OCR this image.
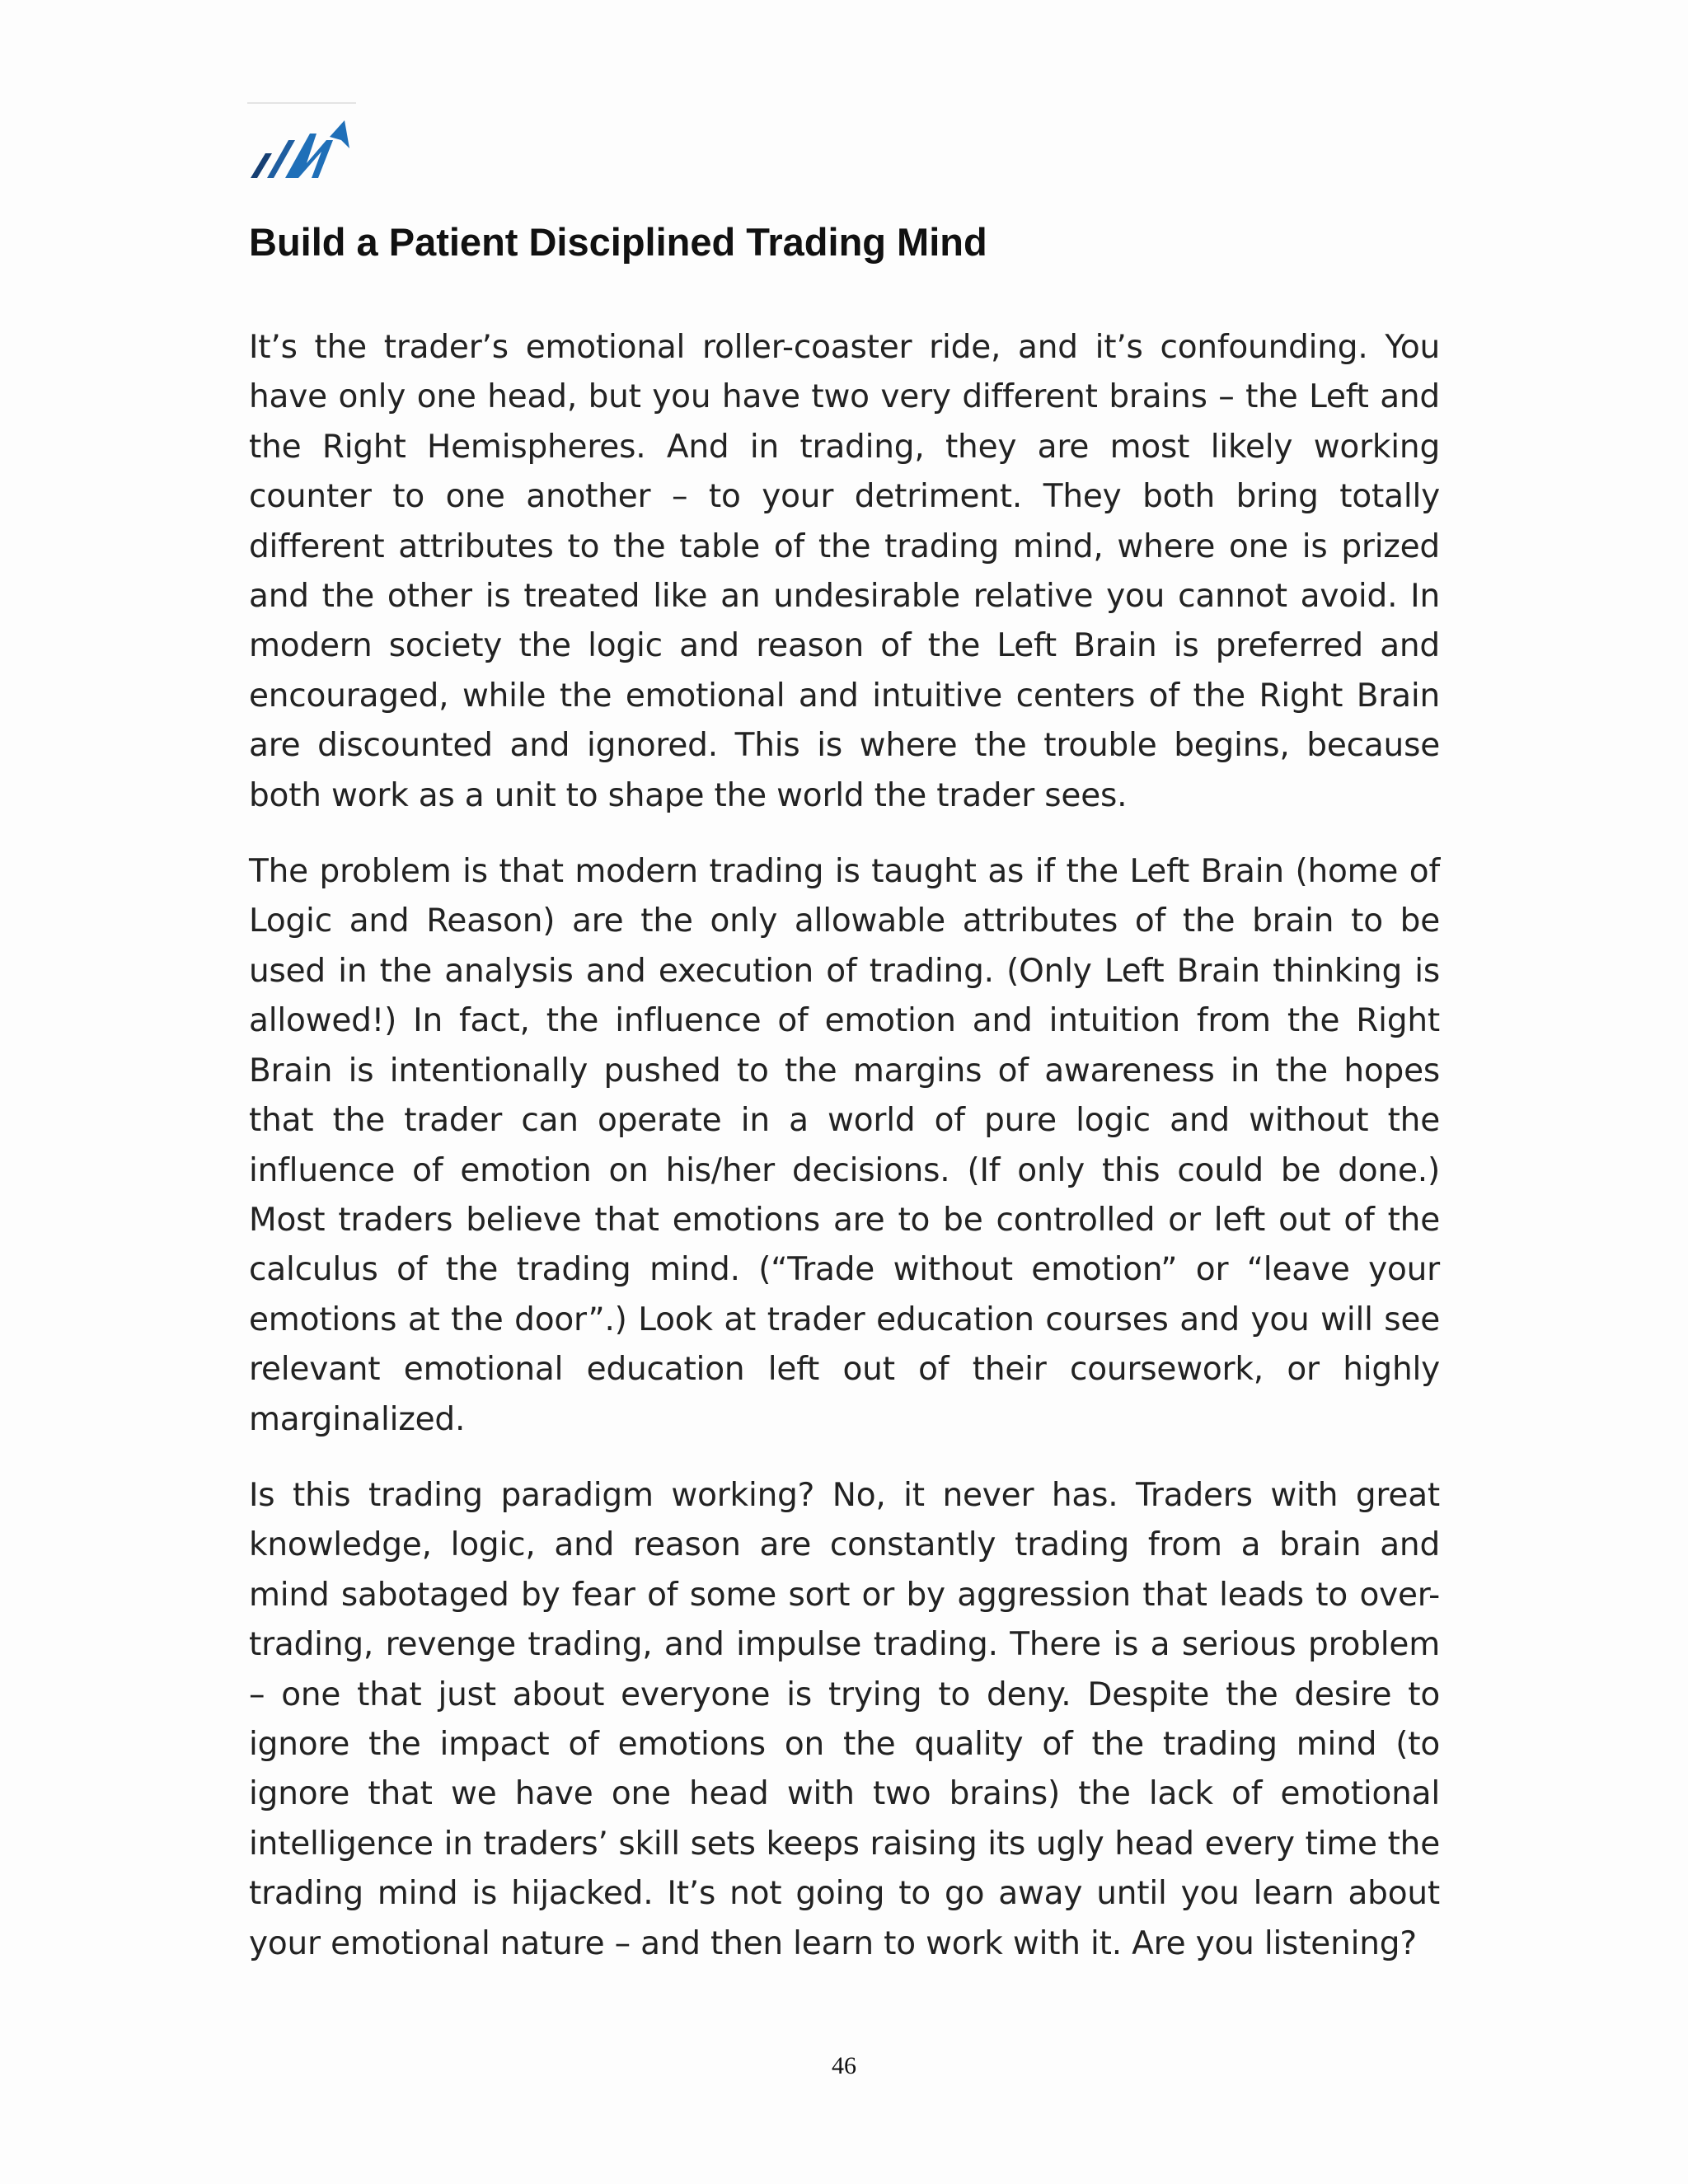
Build a Patient Disciplined Trading Mind

It’s the trader’s emotional roller-coaster ride, and it’s confounding. You have only one head, but you have two very different brains – the Left and the Right Hemispheres. And in trading, they are most likely working counter to one another – to your detriment. They both bring totally different attributes to the table of the trading mind, where one is prized and the other is treated like an undesirable relative you cannot avoid. In modern society the logic and reason of the Left Brain is preferred and encouraged, while the emotional and intuitive centers of the Right Brain are discounted and ignored. This is where the trouble begins, because both work as a unit to shape the world the trader sees.

The problem is that modern trading is taught as if the Left Brain (home of Logic and Reason) are the only allowable attributes of the brain to be used in the analysis and execution of trading. (Only Left Brain thinking is allowed!) In fact, the influence of emotion and intuition from the Right Brain is intentionally pushed to the margins of awareness in the hopes that the trader can operate in a world of pure logic and without the influence of emotion on his/her decisions. (If only this could be done.) Most traders believe that emotions are to be controlled or left out of the calculus of the trading mind. (“Trade without emotion” or “leave your emotions at the door”.) Look at trader education courses and you will see relevant emotional education left out of their coursework, or highly marginalized.

Is this trading paradigm working? No, it never has. Traders with great knowledge, logic, and reason are constantly trading from a brain and mind sabotaged by fear of some sort or by aggression that leads to over-trading, revenge trading, and impulse trading. There is a serious problem – one that just about everyone is trying to deny. Despite the desire to ignore the impact of emotions on the quality of the trading mind (to ignore that we have one head with two brains) the lack of emotional intelligence in traders’ skill sets keeps raising its ugly head every time the trading mind is hijacked. It’s not going to go away until you learn about your emotional nature – and then learn to work with it. Are you listening?

46
